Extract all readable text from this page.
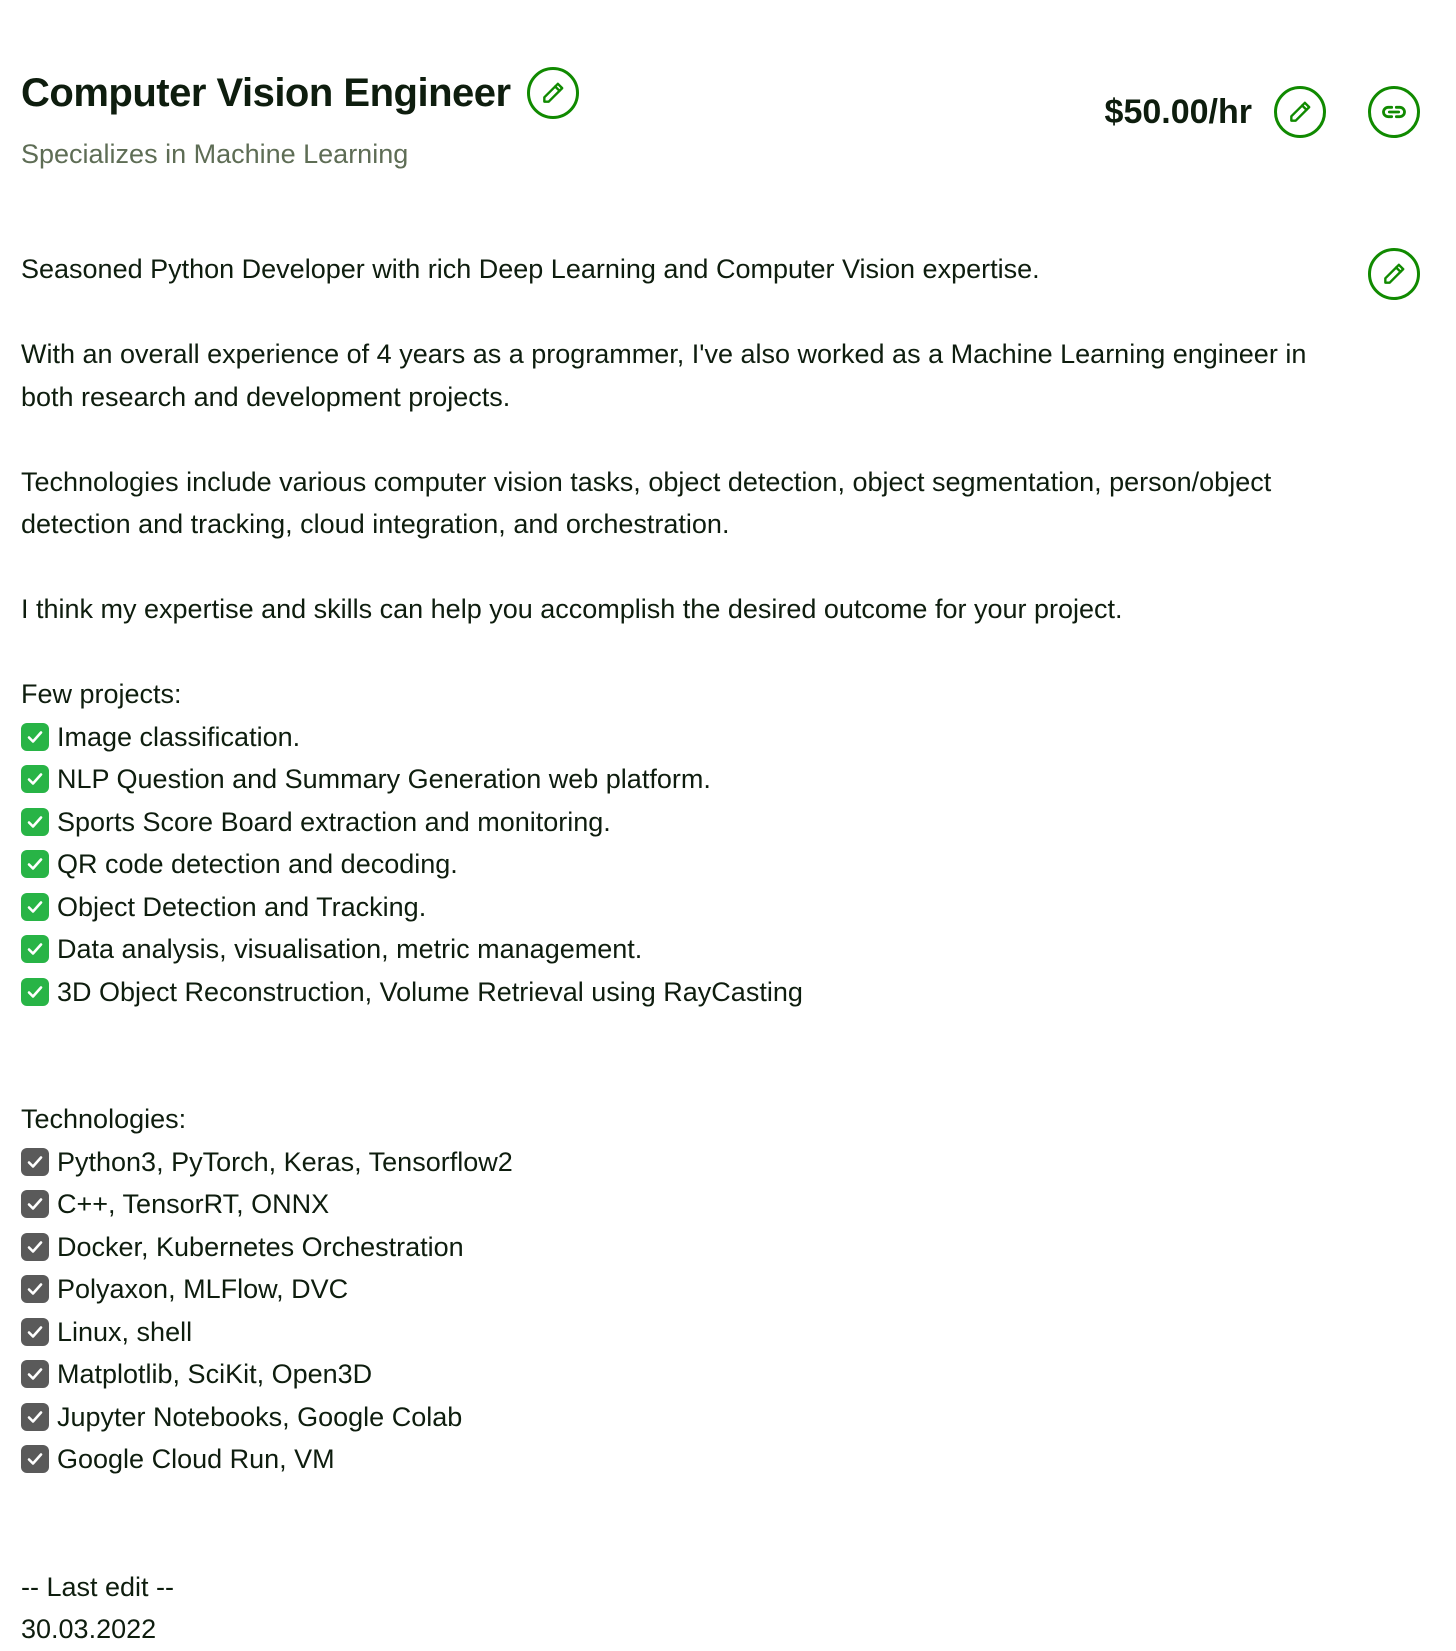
Computer Vision Engineer
Specializes in Machine Learning
$50.00/hr

Seasoned Python Developer with rich Deep Learning and Computer Vision expertise.

With an overall experience of 4 years as a programmer, I've also worked as a Machine Learning engineer in both research and development projects.

Technologies include various computer vision tasks, object detection, object segmentation, person/object detection and tracking, cloud integration, and orchestration.

I think my expertise and skills can help you accomplish the desired outcome for your project.

Few projects:
Image classification.
NLP Question and Summary Generation web platform.
Sports Score Board extraction and monitoring.
QR code detection and decoding.
Object Detection and Tracking.
Data analysis, visualisation, metric management.
3D Object Reconstruction, Volume Retrieval using RayCasting
Technologies:
Python3, PyTorch, Keras, Tensorflow2
C++, TensorRT, ONNX
Docker, Kubernetes Orchestration
Polyaxon, MLFlow, DVC
Linux, shell
Matplotlib, SciKit, Open3D
Jupyter Notebooks, Google Colab
Google Cloud Run, VM
-- Last edit --
30.03.2022
